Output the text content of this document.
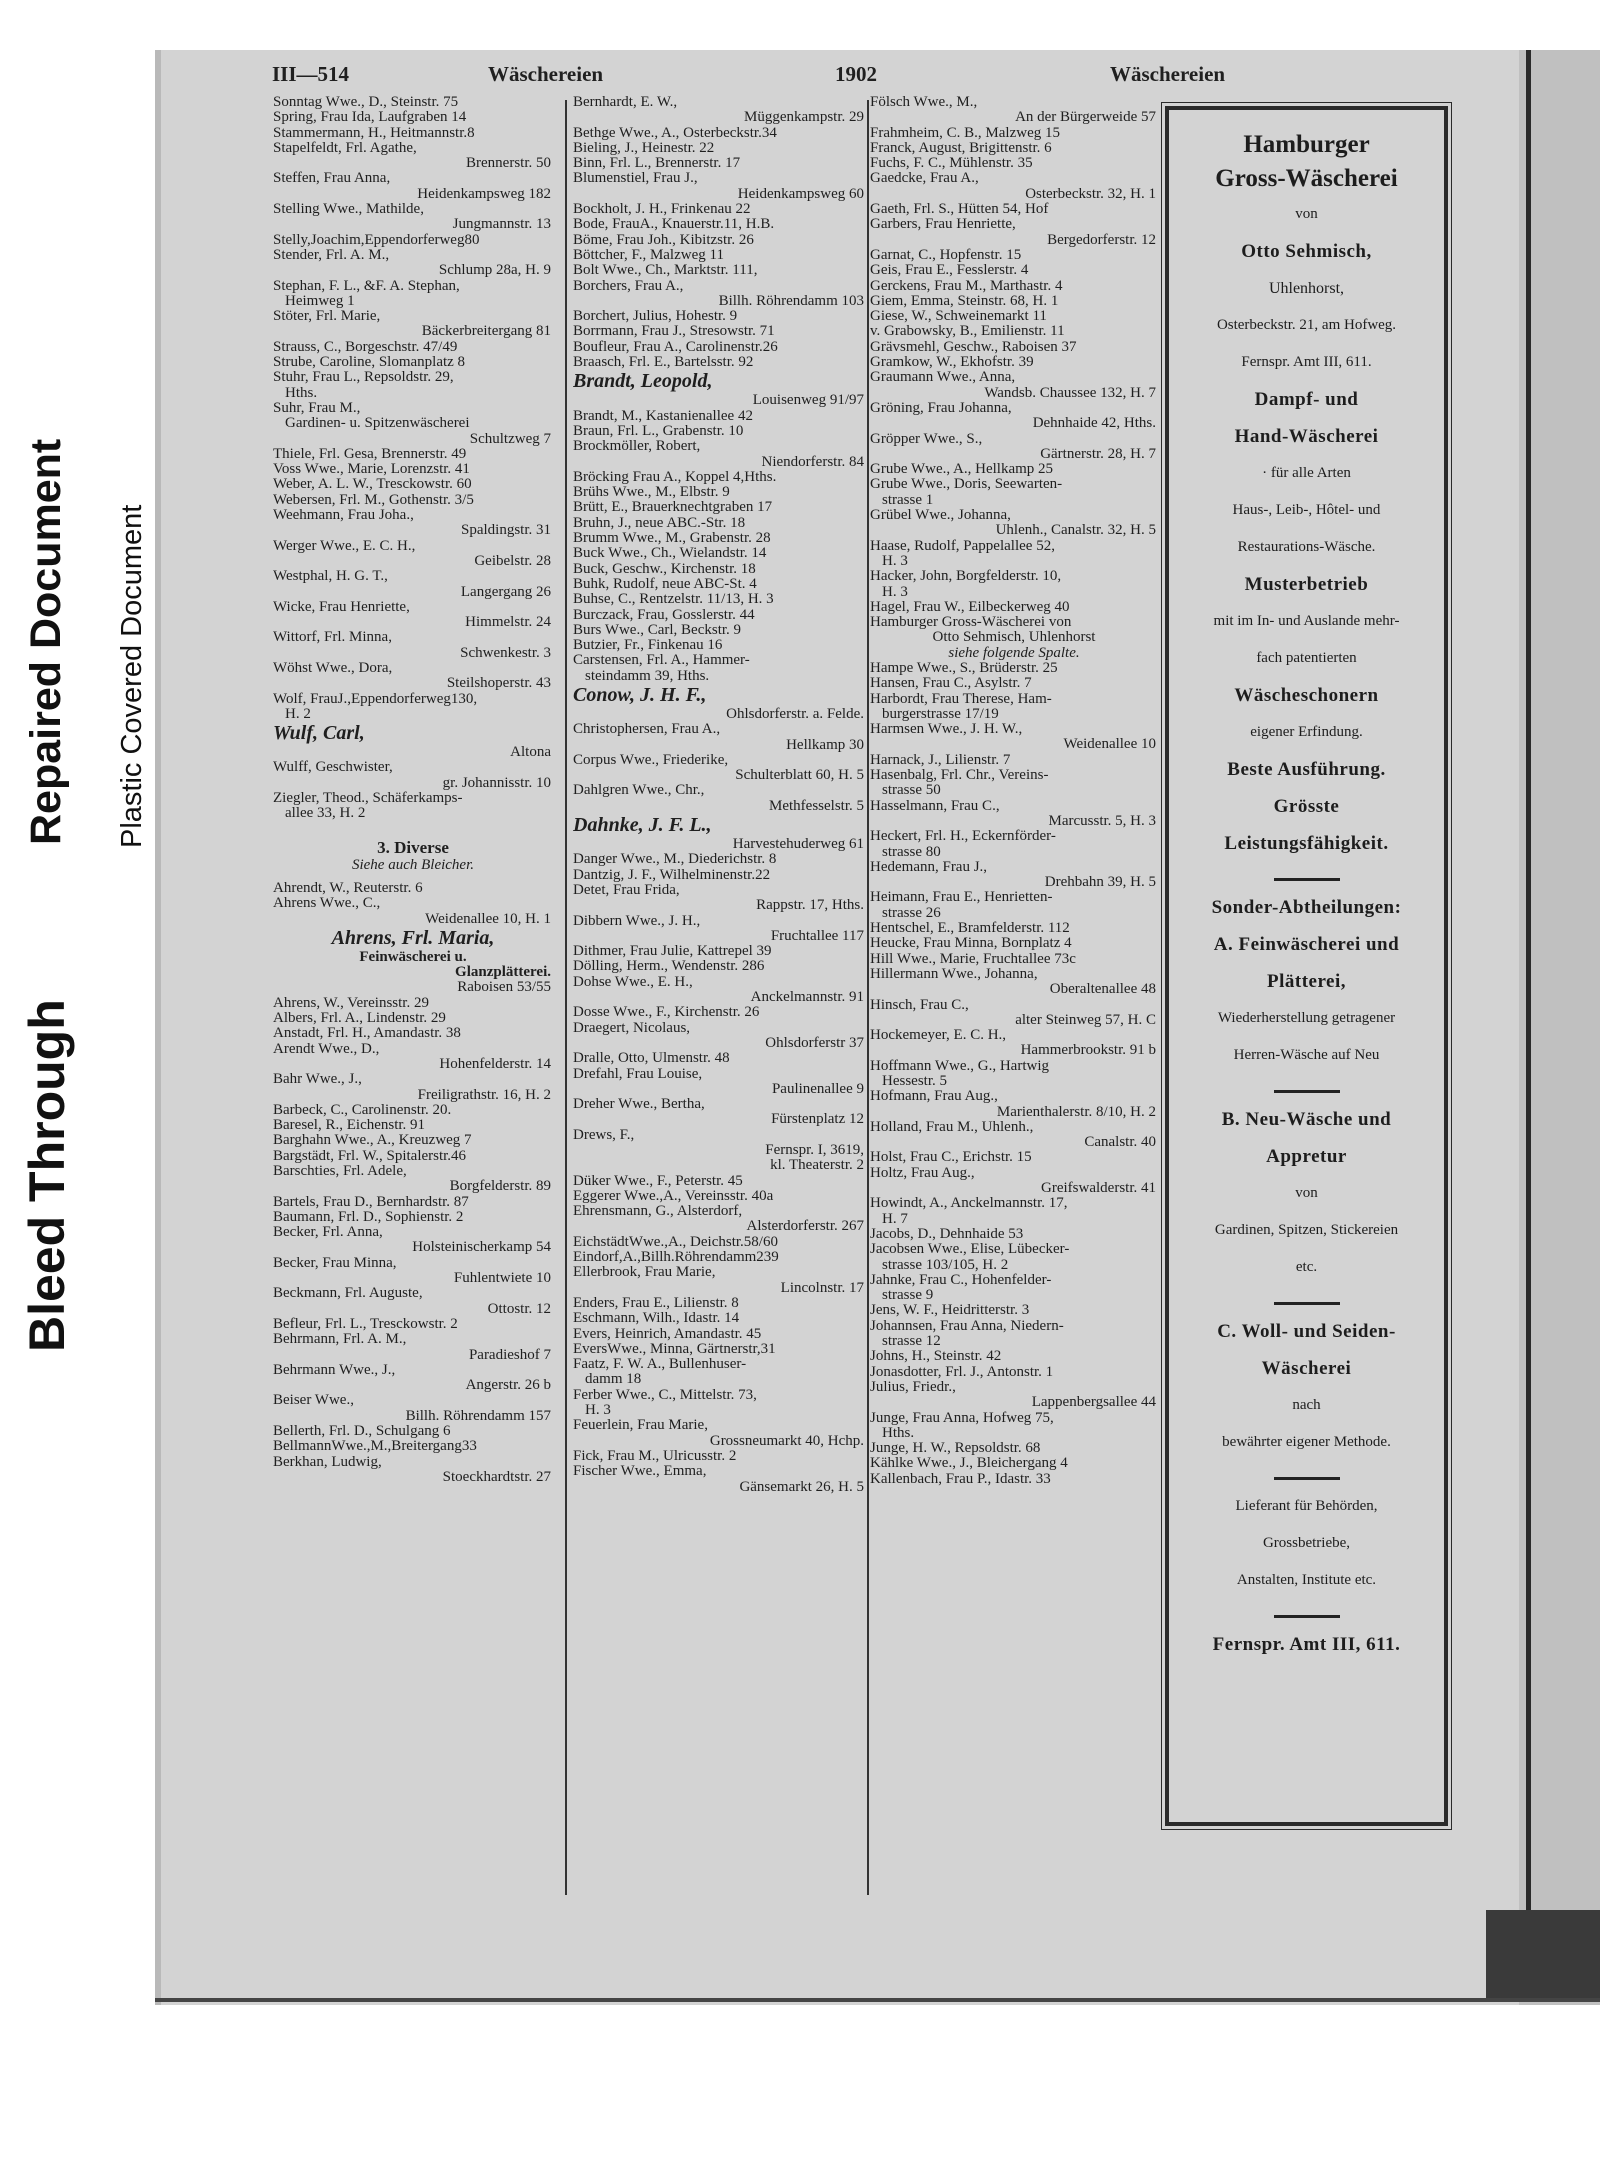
Bleed Through
Repaired Document Plastic Covered Document
III—514	Wäschereien	1902	Wäschereien
Sonntag Wwe., D., Steinstr. 75
Spring, Frau Ida, Laufgraben 14
Stammermann, H., Heitmannstr.8
Stapelfeldt, Frl. Agathe,
Brennerstr. 50
Steffen, Frau Anna,
Heidenkampsweg 182
Stelling Wwe., Mathilde,
Jungmannstr. 13
Stelly,Joachim,Eppendorferweg80
Stender, Frl. A. M.,
Schlump 28a, H. 9
Stephan, F. L., &F. A. Stephan,
Heimweg 1
Stöter, Frl. Marie,
Bäckerbreitergang 81
Strauss, C., Borgeschstr. 47/49
Strube, Caroline, Slomanplatz 8
Stuhr, Frau L., Repsoldstr. 29,
Hths.
Suhr, Frau M.,
Gardinen- u. Spitzenwäscherei
Schultzweg 7
Thiele, Frl. Gesa, Brennerstr. 49
Voss Wwe., Marie, Lorenzstr. 41
Weber, A. L. W., Tresckowstr. 60
Webersen, Frl. M., Gothenstr. 3/5
Weehmann, Frau Joha.,
Spaldingstr. 31
Werger Wwe., E. C. H.,
Geibelstr. 28
Westphal, H. G. T.,
Langergang 26
Wicke, Frau Henriette,
Himmelstr. 24
Wittorf, Frl. Minna,
Schwenkestr. 3
Wöhst Wwe., Dora,
Steilshoperstr. 43
Wolf, FrauJ.,Eppendorferweg130,
H. 2
Wulf, Carl,
Altona
Wulff, Geschwister,
gr. Johannisstr. 10
Ziegler, Theod., Schäferkamps-
allee 33, H. 2
3. Diverse
Siehe auch Bleicher.
Ahrendt, W., Reuterstr. 6
Ahrens Wwe., C.,
Weidenallee 10, H. 1
Ahrens, Frl. Maria,
Feinwäscherei u.
Glanzplätterei.
Raboisen 53/55
Ahrens, W., Vereinsstr. 29
Albers, Frl. A., Lindenstr. 29
Anstadt, Frl. H., Amandastr. 38
Arendt Wwe., D.,
Hohenfelderstr. 14
Bahr Wwe., J.,
Freiligrathstr. 16, H. 2
Barbeck, C., Carolinenstr. 20.
Baresel, R., Eichenstr. 91
Barghahn Wwe., A., Kreuzweg 7
Bargstädt, Frl. W., Spitalerstr.46
Barschties, Frl. Adele,
Borgfelderstr. 89
Bartels, Frau D., Bernhardstr. 87
Baumann, Frl. D., Sophienstr. 2
Becker, Frl. Anna,
Holsteinischerkamp 54
Becker, Frau Minna,
Fuhlentwiete 10
Beckmann, Frl. Auguste,
Ottostr. 12
Befleur, Frl. L., Tresckowstr. 2
Behrmann, Frl. A. M.,
Paradieshof 7
Behrmann Wwe., J.,
Angerstr. 26 b
Beiser Wwe.,
Billh. Röhrendamm 157
Bellerth, Frl. D., Schulgang 6
BellmannWwe.,M.,Breitergang33
Berkhan, Ludwig,
Stoeckhardtstr. 27
Bernhardt, E. W.,
Müggenkampstr. 29
Bethge Wwe., A., Osterbeckstr.34
Bieling, J., Heinestr. 22
Binn, Frl. L., Brennerstr. 17
Blumenstiel, Frau J.,
Heidenkampsweg 60
Bockholt, J. H., Frinkenau 22
Bode, FrauA., Knauerstr.11, H.B.
Böme, Frau Joh., Kibitzstr. 26
Böttcher, F., Malzweg 11
Bolt Wwe., Ch., Marktstr. 111,
Borchers, Frau A.,
Billh. Röhrendamm 103
Borchert, Julius, Hohestr. 9
Borrmann, Frau J., Stresowstr. 71
Boufleur, Frau A., Carolinenstr.26
Braasch, Frl. E., Bartelsstr. 92
Brandt, Leopold,
Louisenweg 91/97
Brandt, M., Kastanienallee 42
Braun, Frl. L., Grabenstr. 10
Brockmöller, Robert,
Niendorferstr. 84
Bröcking Frau A., Koppel 4,Hths.
Brühs Wwe., M., Elbstr. 9
Brütt, E., Brauerknechtgraben 17
Bruhn, J., neue ABC.-Str. 18
Brumm Wwe., M., Grabenstr. 28
Buck Wwe., Ch., Wielandstr. 14
Buck, Geschw., Kirchenstr. 18
Buhk, Rudolf, neue ABC-St. 4
Buhse, C., Rentzelstr. 11/13, H. 3
Burczack, Frau, Gosslerstr. 44
Burs Wwe., Carl, Beckstr. 9
Butzier, Fr., Finkenau 16
Carstensen, Frl. A., Hammer-
steindamm 39, Hths.
Conow, J. H. F.,
Ohlsdorferstr. a. Felde.
Christophersen, Frau A.,
Hellkamp 30
Corpus Wwe., Friederike,
Schulterblatt 60, H. 5
Dahlgren Wwe., Chr.,
Methfesselstr. 5
Dahnke, J. F. L.,
Harvestehuderweg 61
Danger Wwe., M., Diederichstr. 8
Dantzig, J. F., Wilhelminenstr.22
Detet, Frau Frida,
Rappstr. 17, Hths.
Dibbern Wwe., J. H.,
Fruchtallee 117
Dithmer, Frau Julie, Kattrepel 39
Dölling, Herm., Wendenstr. 286
Dohse Wwe., E. H.,
Anckelmannstr. 91
Dosse Wwe., F., Kirchenstr. 26
Draegert, Nicolaus,
Ohlsdorferstr 37
Dralle, Otto, Ulmenstr. 48
Drefahl, Frau Louise,
Paulinenallee 9
Dreher Wwe., Bertha,
Fürstenplatz 12
Drews, F.,
Fernspr. I, 3619,
kl. Theaterstr. 2
Düker Wwe., F., Peterstr. 45
Eggerer Wwe.,A., Vereinsstr. 40a
Ehrensmann, G., Alsterdorf,
Alsterdorferstr. 267
EichstädtWwe.,A., Deichstr.58/60
Eindorf,A.,Billh.Röhrendamm239
Ellerbrook, Frau Marie,
Lincolnstr. 17
Enders, Frau E., Lilienstr. 8
Eschmann, Wilh., Idastr. 14
Evers, Heinrich, Amandastr. 45
EversWwe., Minna, Gärtnerstr,31
Faatz, F. W. A., Bullenhuser-
damm 18
Ferber Wwe., C., Mittelstr. 73,
H. 3
Feuerlein, Frau Marie,
Grossneumarkt 40, Hchp.
Fick, Frau M., Ulricusstr. 2
Fischer Wwe., Emma,
Gänsemarkt 26, H. 5
Fölsch Wwe., M.,
An der Bürgerweide 57
Frahmheim, C. B., Malzweg 15
Franck, August, Brigittenstr. 6
Fuchs, F. C., Mühlenstr. 35
Gaedcke, Frau A.,
Osterbeckstr. 32, H. 1
Gaeth, Frl. S., Hütten 54, Hof
Garbers, Frau Henriette,
Bergedorferstr. 12
Garnat, C., Hopfenstr. 15
Geis, Frau E., Fesslerstr. 4
Gerckens, Frau M., Marthastr. 4
Giem, Emma, Steinstr. 68, H. 1
Giese, W., Schweinemarkt 11
v. Grabowsky, B., Emilienstr. 11
Grävsmehl, Geschw., Raboisen 37
Gramkow, W., Ekhofstr. 39
Graumann Wwe., Anna,
Wandsb. Chaussee 132, H. 7
Gröning, Frau Johanna,
Dehnhaide 42, Hths.
Gröpper Wwe., S.,
Gärtnerstr. 28, H. 7
Grube Wwe., A., Hellkamp 25
Grube Wwe., Doris, Seewarten-
strasse 1
Grübel Wwe., Johanna,
Uhlenh., Canalstr. 32, H. 5
Haase, Rudolf, Pappelallee 52,
H. 3
Hacker, John, Borgfelderstr. 10,
H. 3
Hagel, Frau W., Eilbeckerweg 40
Hamburger Gross-Wäscherei von
Otto Sehmisch, Uhlenhorst
siehe folgende Spalte.
Hampe Wwe., S., Brüderstr. 25
Hansen, Frau C., Asylstr. 7
Harbordt, Frau Therese, Ham-
burgerstrasse 17/19
Harmsen Wwe., J. H. W.,
Weidenallee 10
Harnack, J., Lilienstr. 7
Hasenbalg, Frl. Chr., Vereins-
strasse 50
Hasselmann, Frau C.,
Marcusstr. 5, H. 3
Heckert, Frl. H., Eckernförder-
strasse 80
Hedemann, Frau J.,
Drehbahn 39, H. 5
Heimann, Frau E., Henrietten-
strasse 26
Hentschel, E., Bramfelderstr. 112
Heucke, Frau Minna, Bornplatz 4
Hill Wwe., Marie, Fruchtallee 73c
Hillermann Wwe., Johanna,
Oberaltenallee 48
Hinsch, Frau C.,
alter Steinweg 57, H. C
Hockemeyer, E. C. H.,
Hammerbrookstr. 91 b
Hoffmann Wwe., G., Hartwig
Hessestr. 5
Hofmann, Frau Aug.,
Marienthalerstr. 8/10, H. 2
Holland, Frau M., Uhlenh.,
Canalstr. 40
Holst, Frau C., Erichstr. 15
Holtz, Frau Aug.,
Greifswalderstr. 41
Howindt, A., Anckelmannstr. 17,
H. 7
Jacobs, D., Dehnhaide 53
Jacobsen Wwe., Elise, Lübecker-
strasse 103/105, H. 2
Jahnke, Frau C., Hohenfelder-
strasse 9
Jens, W. F., Heidritterstr. 3
Johannsen, Frau Anna, Niedern-
strasse 12
Johns, H., Steinstr. 42
Jonasdotter, Frl. J., Antonstr. 1
Julius, Friedr.,
Lappenbergsallee 44
Junge, Frau Anna, Hofweg 75,
Hths.
Junge, H. W., Repsoldstr. 68
Kählke Wwe., J., Bleichergang 4
Kallenbach, Frau P., Idastr. 33
Hamburger
Gross-Wäscherei
von
Otto Sehmisch,
Uhlenhorst,
Osterbeckstr. 21, am Hofweg.
Fernspr. Amt III, 611.
Dampf- und
Hand-Wäscherei
· für alle Arten
Haus-, Leib-, Hôtel- und
Restaurations-Wäsche.
Musterbetrieb
mit im In- und Auslande mehr-
fach patentierten
Wäscheschonern
eigener Erfindung.
Beste Ausführung.
Grösste
Leistungsfähigkeit.
Sonder-Abtheilungen:
A. Feinwäscherei und
Plätterei,
Wiederherstellung getragener
Herren-Wäsche auf Neu
B. Neu-Wäsche und
Appretur
von
Gardinen, Spitzen, Stickereien
etc.
C. Woll- und Seiden-
Wäscherei
nach
bewährter eigener Methode.
Lieferant für Behörden,
Grossbetriebe,
Anstalten, Institute etc.
Fernspr. Amt III, 611.
